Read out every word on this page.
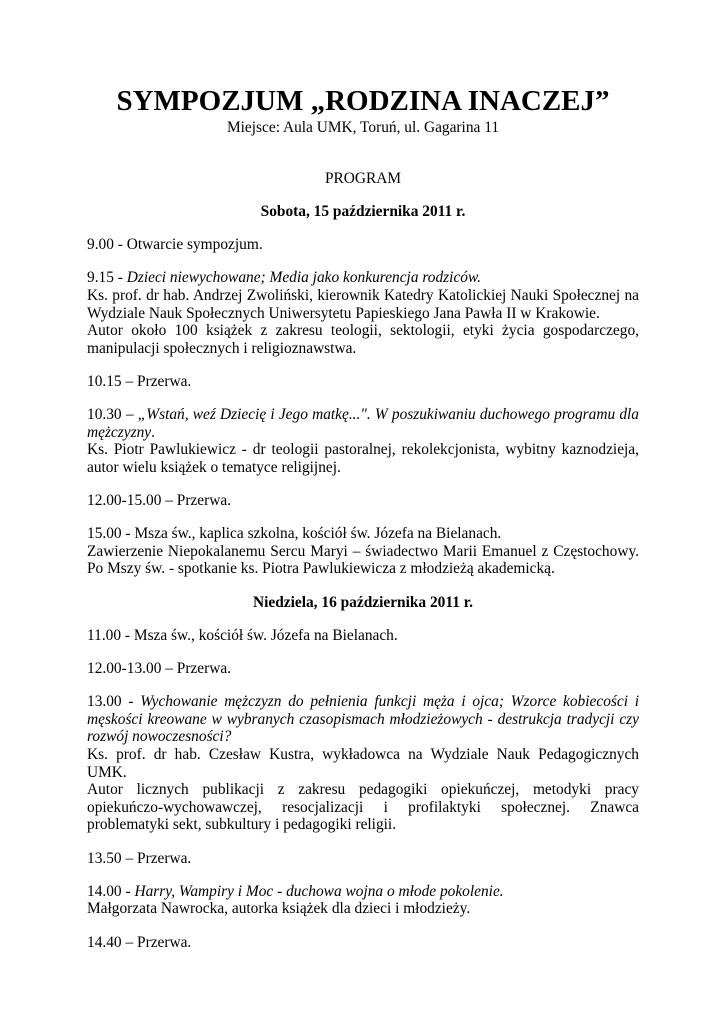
SYMPOZJUM „RODZINA INACZEJ”

Miejsce: Aula UMK, Toruń, ul. Gagarina 11

PROGRAM

Sobota, 15 października 2011 r.

9.00 - Otwarcie sympozjum.

9.15 - Dzieci niewychowane; Media jako konkurencja rodziców.

Ks. prof. dr hab. Andrzej Zwoliński, kierownik Katedry Katolickiej Nauki Społecznej na Wydziale Nauk Społecznych Uniwersytetu Papieskiego Jana Pawła II w Krakowie.

Autor około 100 książek z zakresu teologii, sektologii, etyki życia gospodarczego, manipulacji społecznych i religioznawstwa.

10.15 – Przerwa.

10.30 – „Wstań, weź Dziecię i Jego matkę...". W poszukiwaniu duchowego programu dla mężczyzny.

Ks. Piotr Pawlukiewicz - dr teologii pastoralnej, rekolekcjonista, wybitny kaznodzieja, autor wielu książek o tematyce religijnej.

12.00-15.00 – Przerwa.

15.00 - Msza św., kaplica szkolna, kościół św. Józefa na Bielanach.

Zawierzenie Niepokalanemu Sercu Maryi – świadectwo Marii Emanuel z Częstochowy. Po Mszy św. - spotkanie ks. Piotra Pawlukiewicza z młodzieżą akademicką.

Niedziela, 16 października 2011 r.

11.00 - Msza św., kościół św. Józefa na Bielanach.

12.00-13.00 – Przerwa.

13.00 - Wychowanie mężczyzn do pełnienia funkcji męża i ojca; Wzorce kobiecości i męskości kreowane w wybranych czasopismach młodzieżowych - destrukcja tradycji czy rozwój nowoczesności?

Ks. prof. dr hab. Czesław Kustra, wykładowca na Wydziale Nauk Pedagogicznych UMK.

Autor licznych publikacji z zakresu pedagogiki opiekuńczej, metodyki pracy opiekuńczo-wychowawczej, resocjalizacji i profilaktyki społecznej. Znawca problematyki sekt, subkultury i pedagogiki religii.

13.50 – Przerwa.

14.00 - Harry, Wampiry i Moc - duchowa wojna o młode pokolenie.

Małgorzata Nawrocka, autorka książek dla dzieci i młodzieży.

14.40 – Przerwa.
